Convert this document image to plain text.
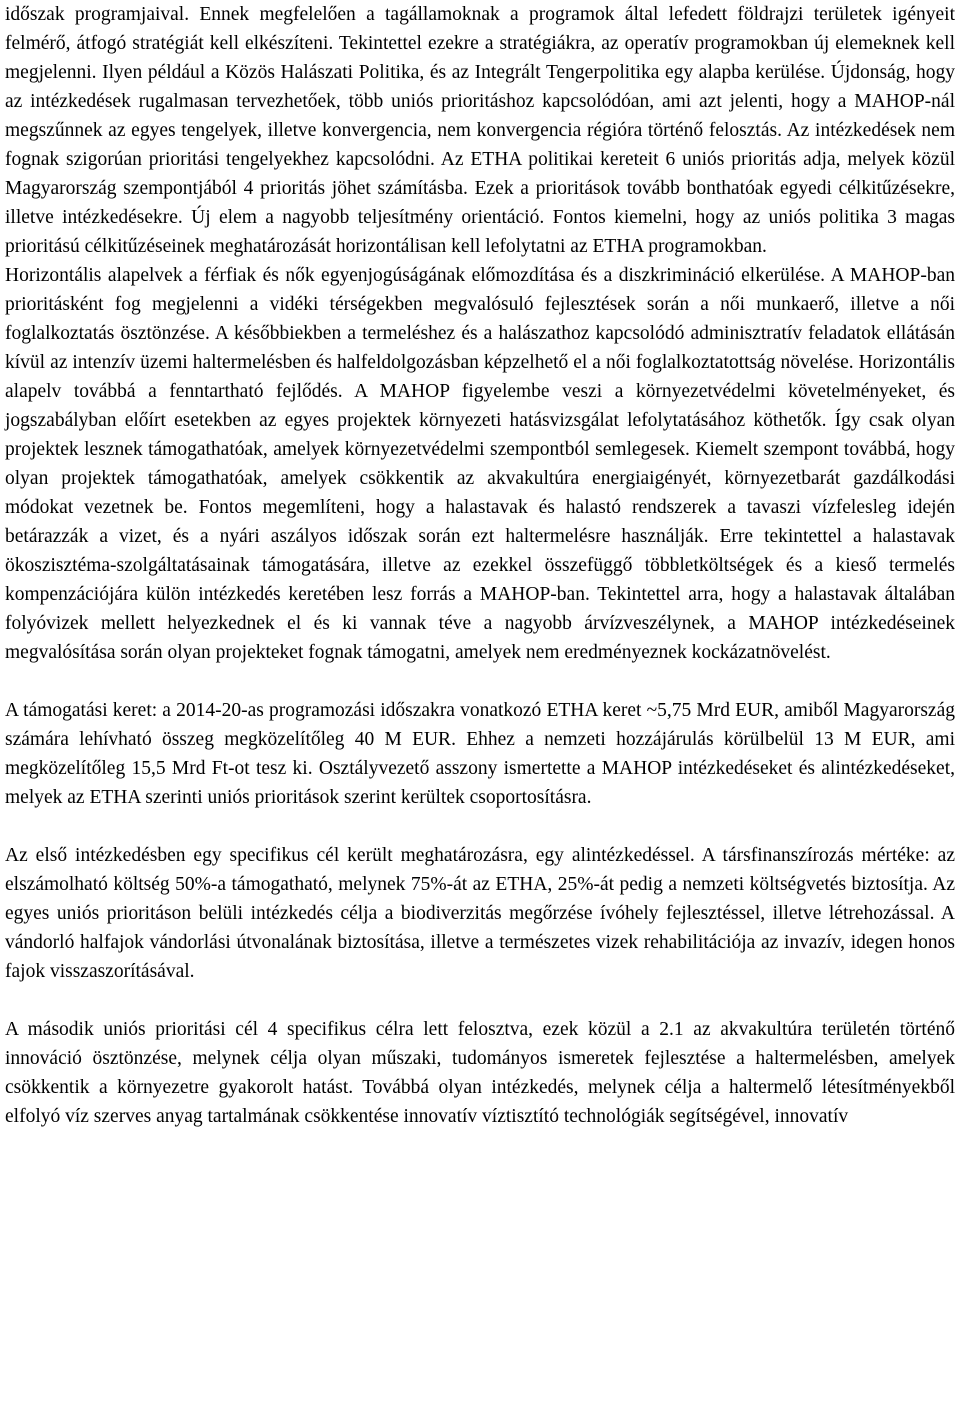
időszak programjaival. Ennek megfelelően a tagállamoknak a programok által lefedett földrajzi területek igényeit felmérő, átfogó stratégiát kell elkészíteni. Tekintettel ezekre a stratégiákra, az operatív programokban új elemeknek kell megjelenni. Ilyen például a Közös Halászati Politika, és az Integrált Tengerpolitika egy alapba kerülése. Újdonság, hogy az intézkedések rugalmasan tervezhetőek, több uniós prioritáshoz kapcsolódóan, ami azt jelenti, hogy a MAHOP-nál megszűnnek az egyes tengelyek, illetve konvergencia, nem konvergencia régióra történő felosztás. Az intézkedések nem fognak szigorúan prioritási tengelyekhez kapcsolódni. Az ETHA politikai kereteit 6 uniós prioritás adja, melyek közül Magyarország szempontjából 4 prioritás jöhet számításba. Ezek a prioritások tovább bonthatóak egyedi célkitűzésekre, illetve intézkedésekre. Új elem a nagyobb teljesítmény orientáció. Fontos kiemelni, hogy az uniós politika 3 magas prioritású célkitűzéseinek meghatározását horizontálisan kell lefolytatni az ETHA programokban.

Horizontális alapelvek a férfiak és nők egyenjogúságának előmozdítása és a diszkrimináció elkerülése. A MAHOP-ban prioritásként fog megjelenni a vidéki térségekben megvalósuló fejlesztések során a női munkaerő, illetve a női foglalkoztatás ösztönzése. A későbbiekben a termeléshez és a halászathoz kapcsolódó adminisztratív feladatok ellátásán kívül az intenzív üzemi haltermelésben és halfeldolgozásban képzelhető el a női foglalkoztatottság növelése. Horizontális alapelv továbbá a fenntartható fejlődés. A MAHOP figyelembe veszi a környezetvédelmi követelményeket, és jogszabályban előírt esetekben az egyes projektek környezeti hatásvizsgálat lefolytatásához köthetők. Így csak olyan projektek lesznek támogathatóak, amelyek környezetvédelmi szempontból semlegesek. Kiemelt szempont továbbá, hogy olyan projektek támogathatóak, amelyek csökkentik az akvakultúra energiaigényét, környezetbarát gazdálkodási módokat vezetnek be. Fontos megemlíteni, hogy a halastavak és halastó rendszerek a tavaszi vízfelesleg idején betárazzák a vizet, és a nyári aszályos időszak során ezt haltermelésre használják. Erre tekintettel a halastavak ökoszisztéma-szolgáltatásainak támogatására, illetve az ezekkel összefüggő többletköltségek és a kieső termelés kompenzációjára külön intézkedés keretében lesz forrás a MAHOP-ban. Tekintettel arra, hogy a halastavak általában folyóvizek mellett helyezkednek el és ki vannak téve a nagyobb árvízveszélynek, a MAHOP intézkedéseinek megvalósítása során olyan projekteket fognak támogatni, amelyek nem eredményeznek kockázatnövelést.

A támogatási keret: a 2014-20-as programozási időszakra vonatkozó ETHA keret ~5,75 Mrd EUR, amiből Magyarország számára lehívható összeg megközelítőleg 40 M EUR. Ehhez a nemzeti hozzájárulás körülbelül 13 M EUR, ami megközelítőleg 15,5 Mrd Ft-ot tesz ki. Osztályvezető asszony ismertette a MAHOP intézkedéseket és alintézkedéseket, melyek az ETHA szerinti uniós prioritások szerint kerültek csoportosításra.

Az első intézkedésben egy specifikus cél került meghatározásra, egy alintézkedéssel. A társfinanszírozás mértéke: az elszámolható költség 50%-a támogatható, melynek 75%-át az ETHA, 25%-át pedig a nemzeti költségvetés biztosítja. Az egyes uniós prioritáson belüli intézkedés célja a biodiverzitás megőrzése ívóhely fejlesztéssel, illetve létrehozással. A vándorló halfajok vándorlási útvonalának biztosítása, illetve a természetes vizek rehabilitációja az invazív, idegen honos fajok visszaszorításával.

A második uniós prioritási cél 4 specifikus célra lett felosztva, ezek közül a 2.1 az akvakultúra területén történő innováció ösztönzése, melynek célja olyan műszaki, tudományos ismeretek fejlesztése a haltermelésben, amelyek csökkentik a környezetre gyakorolt hatást. Továbbá olyan intézkedés, melynek célja a haltermelő létesítményekből elfolyó víz szerves anyag tartalmának csökkentése innovatív víztisztító technológiák segítségével, innovatív
